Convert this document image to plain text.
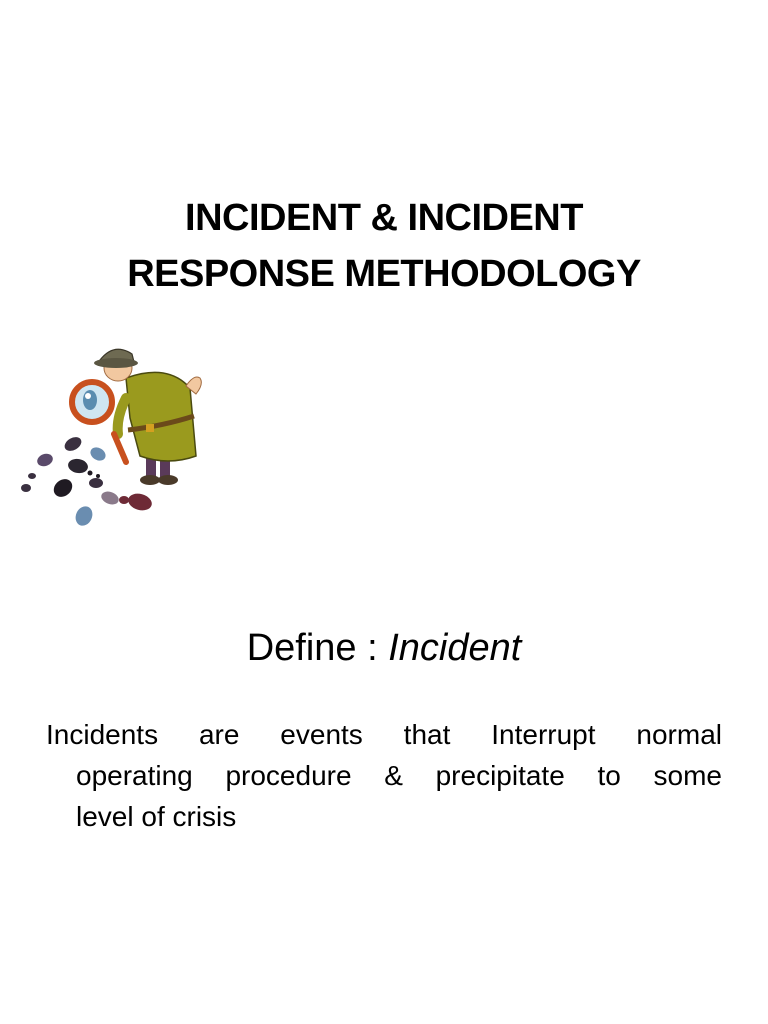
INCIDENT & INCIDENT
RESPONSE METHODOLOGY
Define : Incident
Incidents are events that Interrupt normal
operating procedure & precipitate to some
level of crisis
